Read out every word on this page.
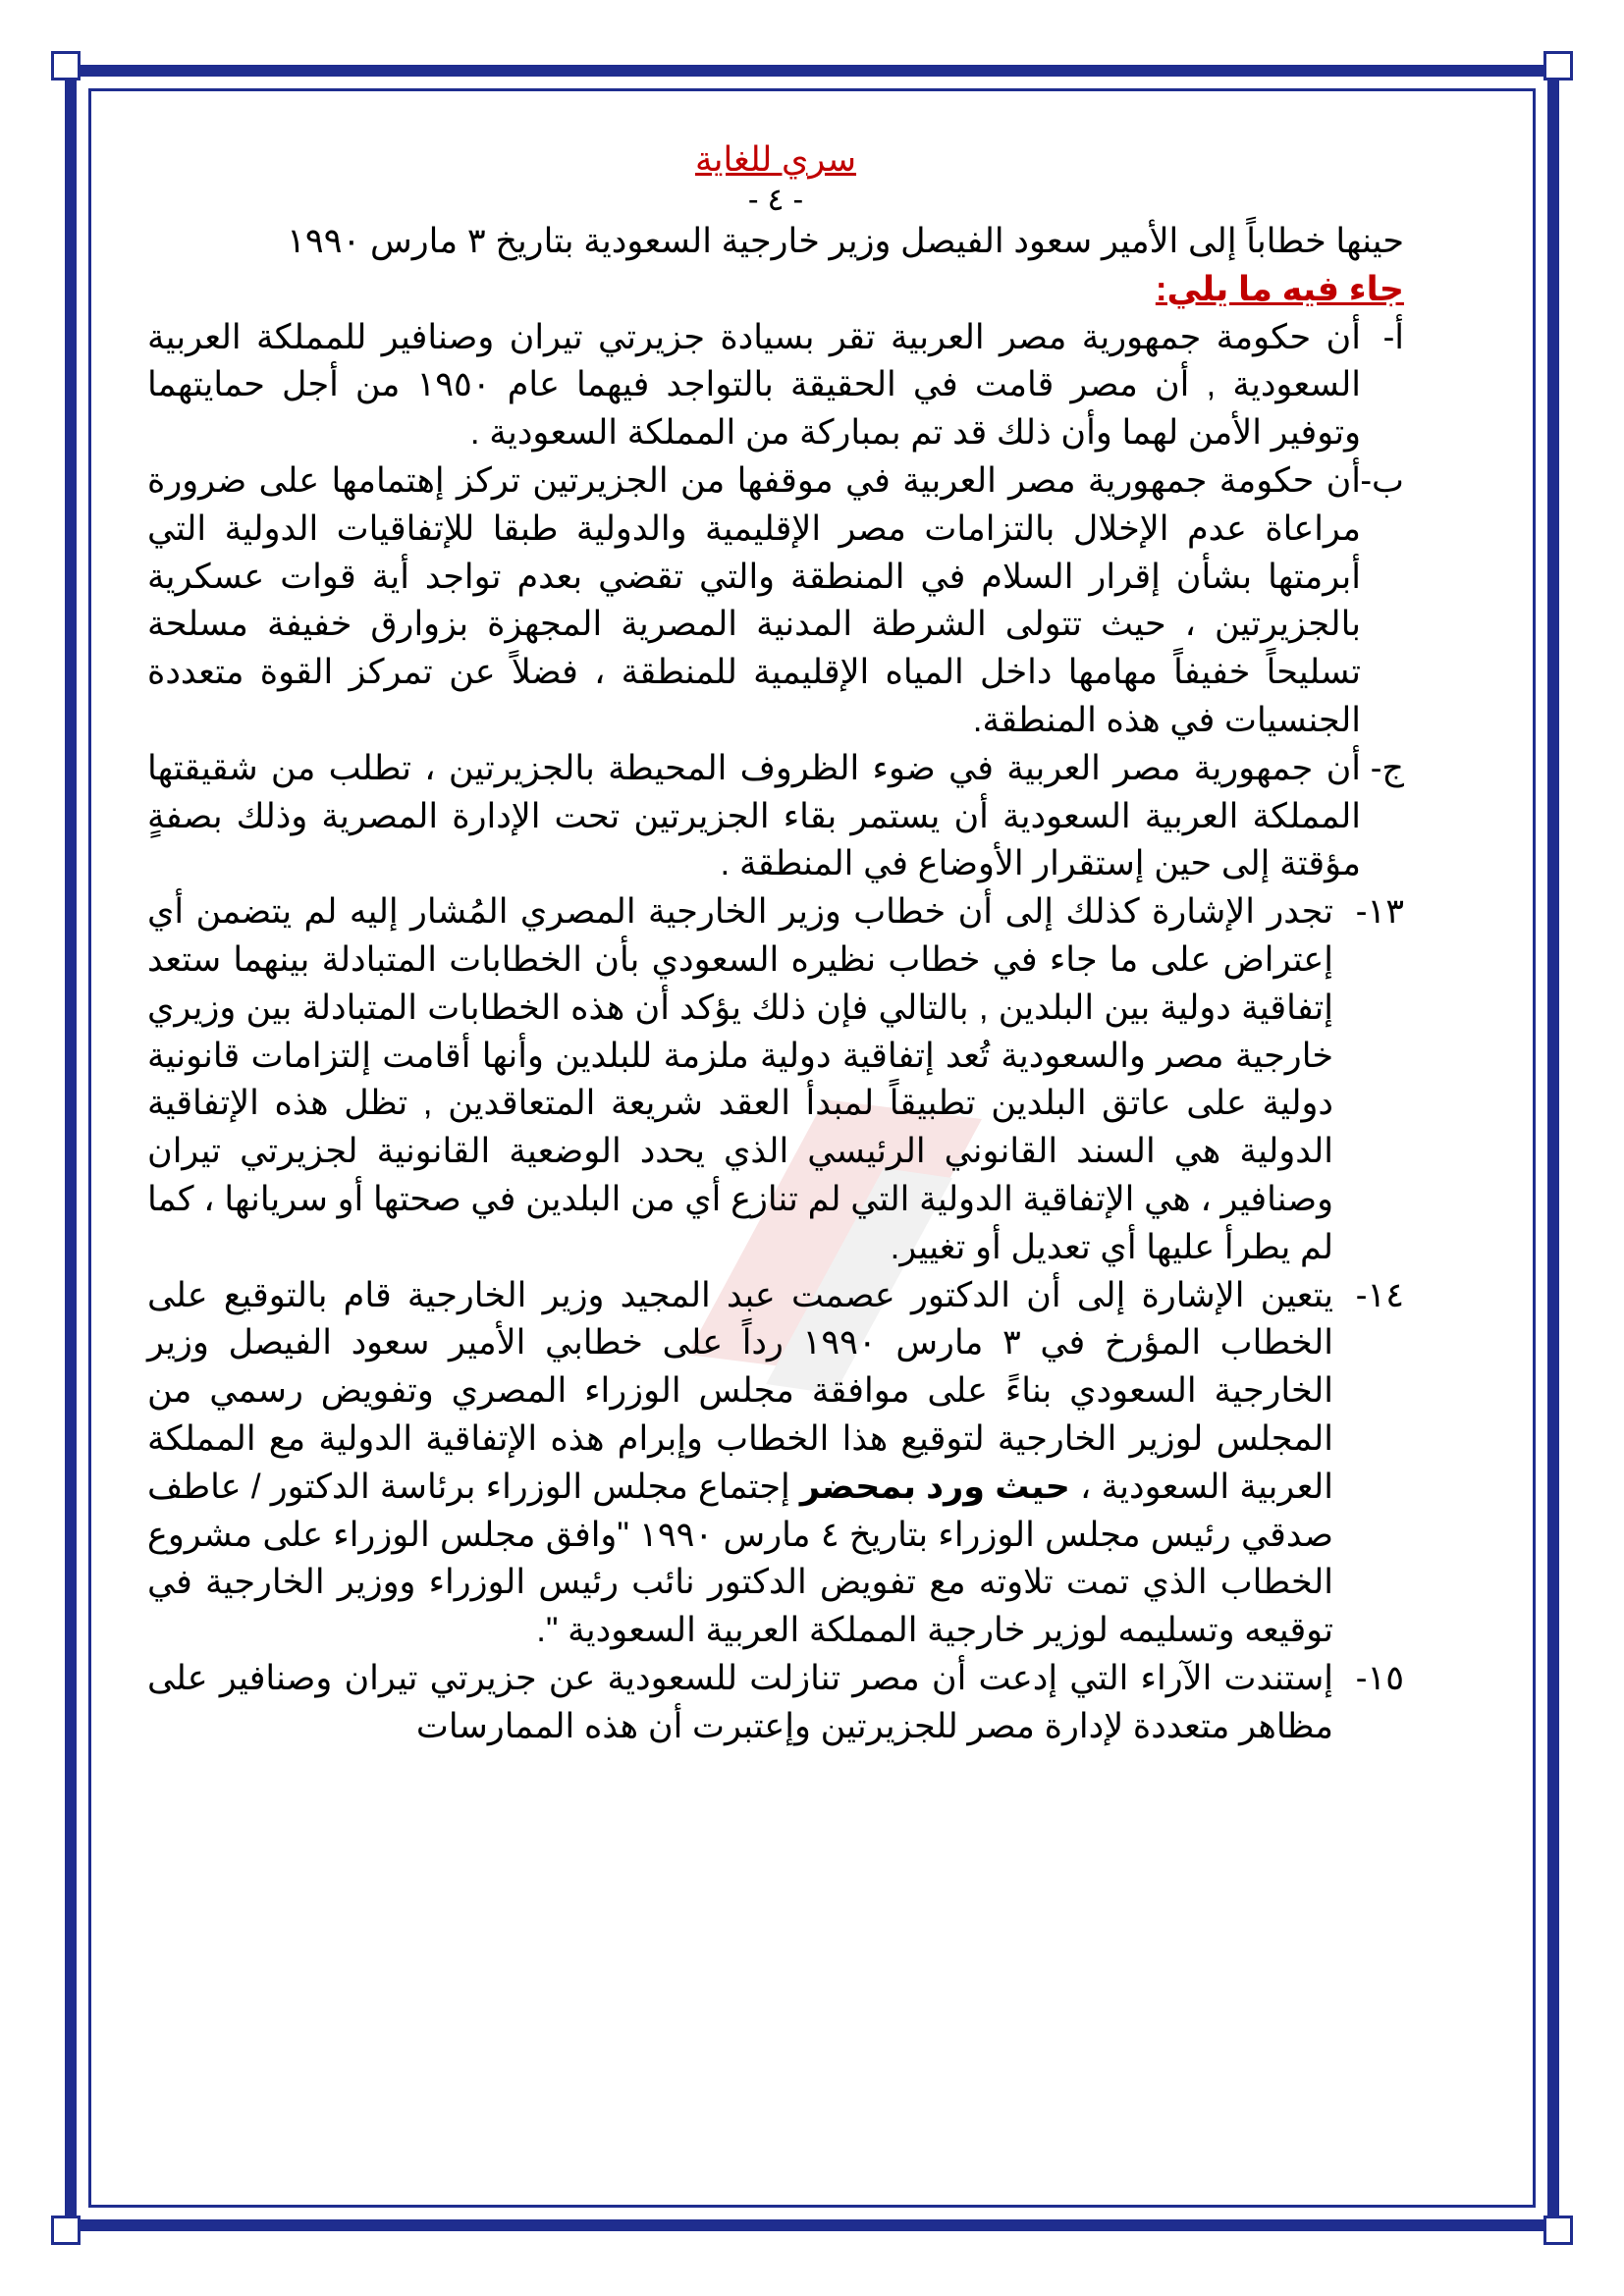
سري للغاية
- ٤ -

حينها خطاباً إلى الأمير سعود الفيصل وزير خارجية السعودية بتاريخ ٣ مارس ١٩٩٠

جاء فيه ما يلي:

أ-
أن حكومة جمهورية مصر العربية تقر بسيادة جزيرتي تيران وصنافير للمملكة العربية السعودية , أن مصر قامت في الحقيقة بالتواجد فيهما عام ١٩٥٠ من أجل حمايتهما وتوفير الأمن لهما وأن ذلك قد تم بمباركة من المملكة السعودية .
ب-
أن حكومة جمهورية مصر العربية في موقفها من الجزيرتين تركز إهتمامها على ضرورة مراعاة عدم الإخلال بالتزامات مصر الإقليمية والدولية طبقا للإتفاقيات الدولية التي أبرمتها بشأن إقرار السلام في المنطقة والتي تقضي بعدم تواجد أية قوات عسكرية بالجزيرتين ، حيث تتولى الشرطة المدنية المصرية المجهزة بزوارق خفيفة مسلحة تسليحاً خفيفاً مهامها داخل المياه الإقليمية للمنطقة ، فضلاً عن تمركز القوة متعددة الجنسيات في هذه المنطقة.
ج-
أن جمهورية مصر العربية في ضوء الظروف المحيطة بالجزيرتين ، تطلب من شقيقتها المملكة العربية السعودية أن يستمر بقاء الجزيرتين تحت الإدارة المصرية وذلك بصفةٍ مؤقتة إلى حين إستقرار الأوضاع في المنطقة .
١٣-
تجدر الإشارة كذلك إلى أن خطاب وزير الخارجية المصري المُشار إليه لم يتضمن أي إعتراض على ما جاء في خطاب نظيره السعودي بأن الخطابات المتبادلة بينهما ستعد إتفاقية دولية بين البلدين , بالتالي فإن ذلك يؤكد أن هذه الخطابات المتبادلة بين وزيري خارجية مصر والسعودية تُعد إتفاقية دولية ملزمة للبلدين وأنها أقامت إلتزامات قانونية دولية على عاتق البلدين تطبيقاً لمبدأ العقد شريعة المتعاقدين , تظل هذه الإتفاقية الدولية هي السند القانوني الرئيسي الذي يحدد الوضعية القانونية لجزيرتي تيران وصنافير ، هي الإتفاقية الدولية التي لم تنازع أي من البلدين في صحتها أو سريانها ، كما لم يطرأ عليها أي تعديل أو تغيير.
١٤-
يتعين الإشارة إلى أن الدكتور عصمت عبد المجيد وزير الخارجية قام بالتوقيع على الخطاب المؤرخ في ٣ مارس ١٩٩٠ رداً على خطابي الأمير سعود الفيصل وزير الخارجية السعودي بناءً على موافقة مجلس الوزراء المصري وتفويض رسمي من المجلس لوزير الخارجية لتوقيع هذا الخطاب وإبرام هذه الإتفاقية الدولية مع المملكة العربية السعودية ، حيث ورد بمحضر إجتماع مجلس الوزراء برئاسة الدكتور / عاطف صدقي رئيس مجلس الوزراء بتاريخ ٤ مارس ١٩٩٠ "وافق مجلس الوزراء على مشروع الخطاب الذي تمت تلاوته مع تفويض الدكتور نائب رئيس الوزراء ووزير الخارجية في توقيعه وتسليمه لوزير خارجية المملكة العربية السعودية ".
١٥-
إستندت الآراء التي إدعت أن مصر تنازلت للسعودية عن جزيرتي تيران وصنافير على مظاهر متعددة لإدارة مصر للجزيرتين وإعتبرت أن هذه الممارسات
